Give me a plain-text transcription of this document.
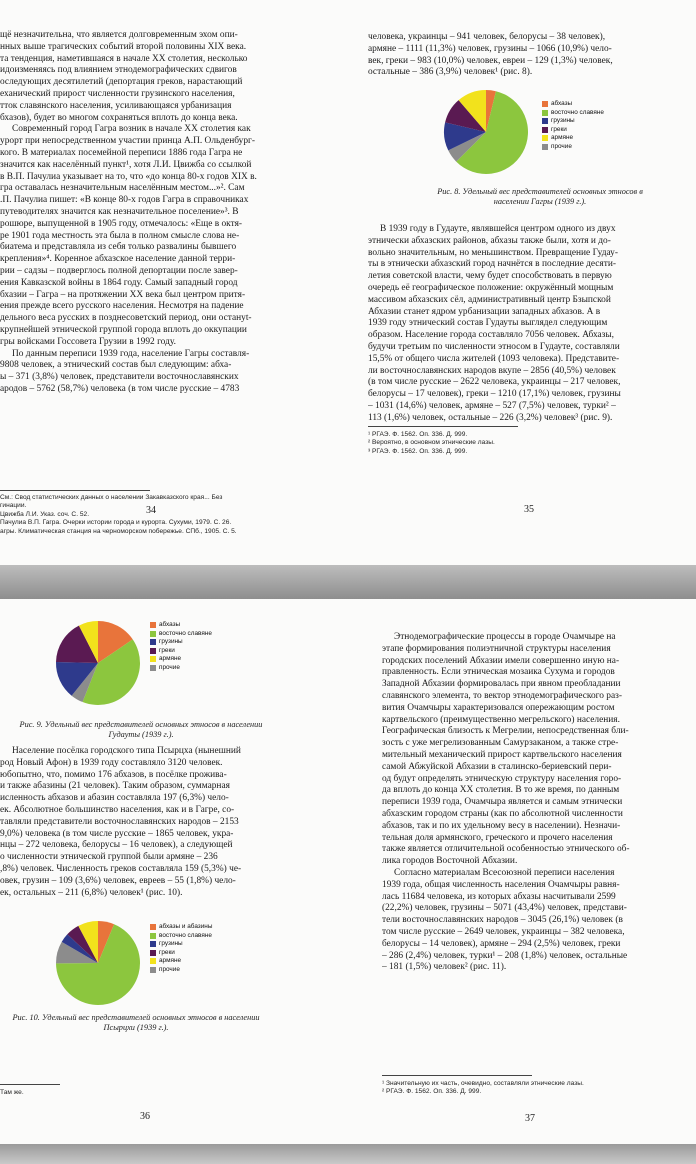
щё незначительна, что является долговременным эхом опи-
нных выше трагических событий второй половины XIX века.
та тенденция, наметившаяся в начале XX столетия, несколько
идоизменяясь под влиянием этнодемографических сдвигов
оследующих десятилетий (депортация греков, нарастающий
еханический прирост численности грузинского населения,
тток славянского населения, усиливающаяся урбанизация
бхазов), будет во многом сохраняться вплоть до конца века.
Современный город Гагра возник в начале XX столетия как
урорт при непосредственном участии принца А.П. Ольденбург-
кого. В материалах посемейной переписи 1886 года Гагра не
значится как населённый пункт¹, хотя Л.И. Цвижба со ссылкой
в В.П. Пачулиа указывает на то, что «до конца 80-х годов XIX в.
гра оставалась незначительным населённым местом...»². Сам
.П. Пачулиа пишет: «В конце 80-х годов Гагра в справочниках
путеводителях значится как незначительное поселение»³. В
рошюре, выпущенной в 1905 году, отмечалось: «Еще в октя-
ре 1901 года местность эта была в полном смысле слова не-
биатема и представляла из себя только развалины бывшего
крепления»⁴. Коренное абхазское население данной терри-
рии – садзы – подверглось полной депортации после завер-
ения Кавказской войны в 1864 году. Самый западный город
бхазии – Гагра – на протяжении XX века был центром притя-
ения прежде всего русского населения. Несмотря на падение
дельного веса русских в позднесоветский период, они остануt-
крупнейшей этнической группой города вплоть до оккупации
гры войсками Госсовета Грузии в 1992 году.
По данным переписи 1939 года, население Гагры составля-
9808 человек, а этнический состав был следующим: абха-
ы – 371 (3,8%) человек, представители восточнославянских
ародов – 5762 (58,7%) человека (в том числе русские – 4783
См.: Свод статистических данных о населении Закавказского края... Без
гинации.
Цвижба Л.И. Указ. соч. С. 52.
Пачулиа В.П. Гагра. Очерки истории города и курорта. Сухуми, 1979. С. 26.
агры. Климатическая станция на черноморском побережье. СПб., 1905. С. 5.
34
человека, украинцы – 941 человек, белорусы – 38 человек),
армяне – 1111 (11,3%) человек, грузины – 1066 (10,9%) чело-
век, греки – 983 (10,0%) человек, евреи – 129 (1,3%) человек,
остальные – 386 (3,9%) человек¹ (рис. 8).
абхазы
восточно славяне
грузины
греки
армяне
прочие
Рис. 8. Удельный вес представителей основных этносов в населении Гагры (1939 г.).
В 1939 году в Гудауте, являвшейся центром одного из двух
этнически абхазских районов, абхазы также были, хотя и до-
вольно значительным, но меньшинством. Превращение Гудау-
ты в этнически абхазский город начнётся в последние десяти-
летия советской власти, чему будет способствовать в первую
очередь её географическое положение: окружённый мощным
массивом абхазских сёл, административный центр Бзыпской
Абхазии станет ядром урбанизации западных абхазов. А в
1939 году этнический состав Гудауты выглядел следующим
образом. Население города составляло 7056 человек. Абхазы,
будучи третьим по численности этносом в Гудауте, составляли
15,5% от общего числа жителей (1093 человека). Представите-
ли восточнославянских народов вкупе – 2856 (40,5%) человек
(в том числе русские – 2622 человека, украинцы – 217 человек,
белорусы – 17 человек), греки – 1210 (17,1%) человек, грузины
– 1031 (14,6%) человек, армяне – 527 (7,5%) человек, турки² –
113 (1,6%) человек, остальные – 226 (3,2%) человек³ (рис. 9).
¹ РГАЭ. Ф. 1562. Оп. 336. Д. 999.
² Вероятно, в основном этнические лазы.
³ РГАЭ. Ф. 1562. Оп. 336. Д. 999.
35
абхазы
восточно славяне
грузины
греки
армяне
прочие
Рис. 9. Удельный вес представителей основных этносов в населении Гудауты (1939 г.).
Население посёлка городского типа Псырцха (нынешний
род Новый Афон) в 1939 году составляло 3120 человек.
юбопытно, что, помимо 176 абхазов, в посёлке прожива-
и также абазины (21 человек). Таким образом, суммарная
исленность абхазов и абазин составляла 197 (6,3%) чело-
ек. Абсолютное большинство населения, как и в Гагре, со-
тавляли представители восточнославянских народов – 2153
9,0%) человека (в том числе русские – 1865 человек, укра-
нцы – 272 человека, белорусы – 16 человек), а следующей
о численности этнической группой были армяне – 236
,8%) человек. Численность греков составляла 159 (5,3%) че-
овек, грузин – 109 (3,6%) человек, евреев – 55 (1,8%) чело-
ек, остальных – 211 (6,8%) человек¹ (рис. 10).
абхазы и абазины
восточно славяне
грузины
греки
армяне
прочие
Рис. 10. Удельный вес представителей основных этносов в населении Псырцхи (1939 г.).
Там же.
36
Этнодемографические процессы в городе Очамчыре на
этапе формирования полиэтничной структуры населения
городских поселений Абхазии имели совершенно иную на-
правленность. Если этническая мозаика Сухума и городов
Западной Абхазии формировалась при явном преобладании
славянского элемента, то вектор этнодемографического раз-
вития Очамчыры характеризовался опережающим ростом
картвельского (преимущественно мегрельского) населения.
Географическая близость к Мегрелии, непосредственная бли-
зость с уже мегрелизованным Самурзаканом, а также стре-
мительный механический прирост картвельского населения
самой Абжуйской Абхазии в сталинско-бериевский пери-
од будут определять этническую структуру населения горо-
да вплоть до конца XX столетия. В то же время, по данным
переписи 1939 года, Очамчыра является и самым этнически
абхазским городом страны (как по абсолютной численности
абхазов, так и по их удельному весу в населении). Незначи-
тельная доля армянского, греческого и прочего населения
также является отличительной особенностью этнического об-
лика городов Восточной Абхазии.
Согласно материалам Всесоюзной переписи населения
1939 года, общая численность населения Очамчыры равня-
лась 11684 человека, из которых абхазы насчитывали 2599
(22,2%) человек, грузины – 5071 (43,4%) человек, представи-
тели восточнославянских народов – 3045 (26,1%) человек (в
том числе русские – 2649 человек, украинцы – 382 человека,
белорусы – 14 человек), армяне – 294 (2,5%) человек, греки
– 286 (2,4%) человек, турки¹ – 208 (1,8%) человек, остальные
– 181 (1,5%) человек² (рис. 11).
¹ Значительную их часть, очевидно, составляли этнические лазы.
² РГАЭ. Ф. 1562. Оп. 336. Д. 999.
37
